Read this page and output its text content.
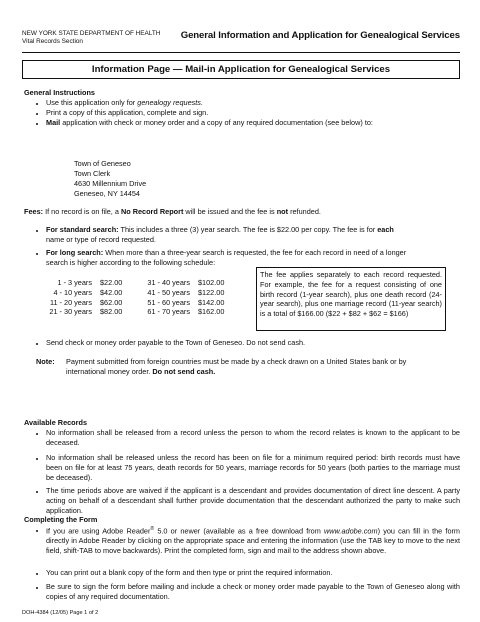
NEW YORK STATE DEPARTMENT OF HEALTH
Vital Records Section
General Information and Application for Genealogical Services
Information Page — Mail-in Application for Genealogical Services
General Instructions
Use this application only for genealogy requests.
Print a copy of this application, complete and sign.
Mail application with check or money order and a copy of any required documentation (see below) to:
Town of Geneseo
Town Clerk
4630 Millennium Drive
Geneseo, NY 14454
Fees: If no record is on file, a No Record Report will be issued and the fee is not refunded.
For standard search: This includes a three (3) year search. The fee is $22.00 per copy. The fee is for each
name or type of record requested.
For long search: When more than a three-year search is requested, the fee for each record in need of a longer
search is higher according to the following schedule:
1 - 3 years		$22.00	31 - 40 years		$102.00
4 - 10 years		$42.00	41 - 50 years		$122.00
11 - 20 years		$62.00	51 - 60 years		$142.00
21 - 30 years		$82.00	61 - 70 years		$162.00
The fee applies separately to each record requested. For example, the fee for a request consisting of one birth record (1-year search), plus one death record (24-year search), plus one marriage record (11-year search) is a total of $166.00 ($22 + $82 + $62 = $166)
Send check or money order payable to the Town of Geneseo. Do not send cash.
Note: Payment submitted from foreign countries must be made by a check drawn on a United States bank or by
international money order. Do not send cash.
Available Records
No information shall be released from a record unless the person to whom the record relates is known to the applicant to be deceased.
No information shall be released unless the record has been on file for a minimum required period: birth records must have been on file for at least 75 years, death records for 50 years, marriage records for 50 years (both parties to the marriage must be deceased).
The time periods above are waived if the applicant is a descendant and provides documentation of direct line descent. A party acting on behalf of a descendant shall further provide documentation that the descendant authorized the party to make such application.
Completing the Form
If you are using Adobe Reader® 5.0 or newer (available as a free download from www.adobe.com) you can fill in the form directly in Adobe Reader by clicking on the appropriate space and entering the information (use the TAB key to move to the next field, shift-TAB to move backwards). Print the completed form, sign and mail to the address shown above.
You can print out a blank copy of the form and then type or print the required information.
Be sure to sign the form before mailing and include a check or money order made payable to the Town of Geneseo along with copies of any required documentation.
DOH-4384 (12/05) Page 1 of 2
